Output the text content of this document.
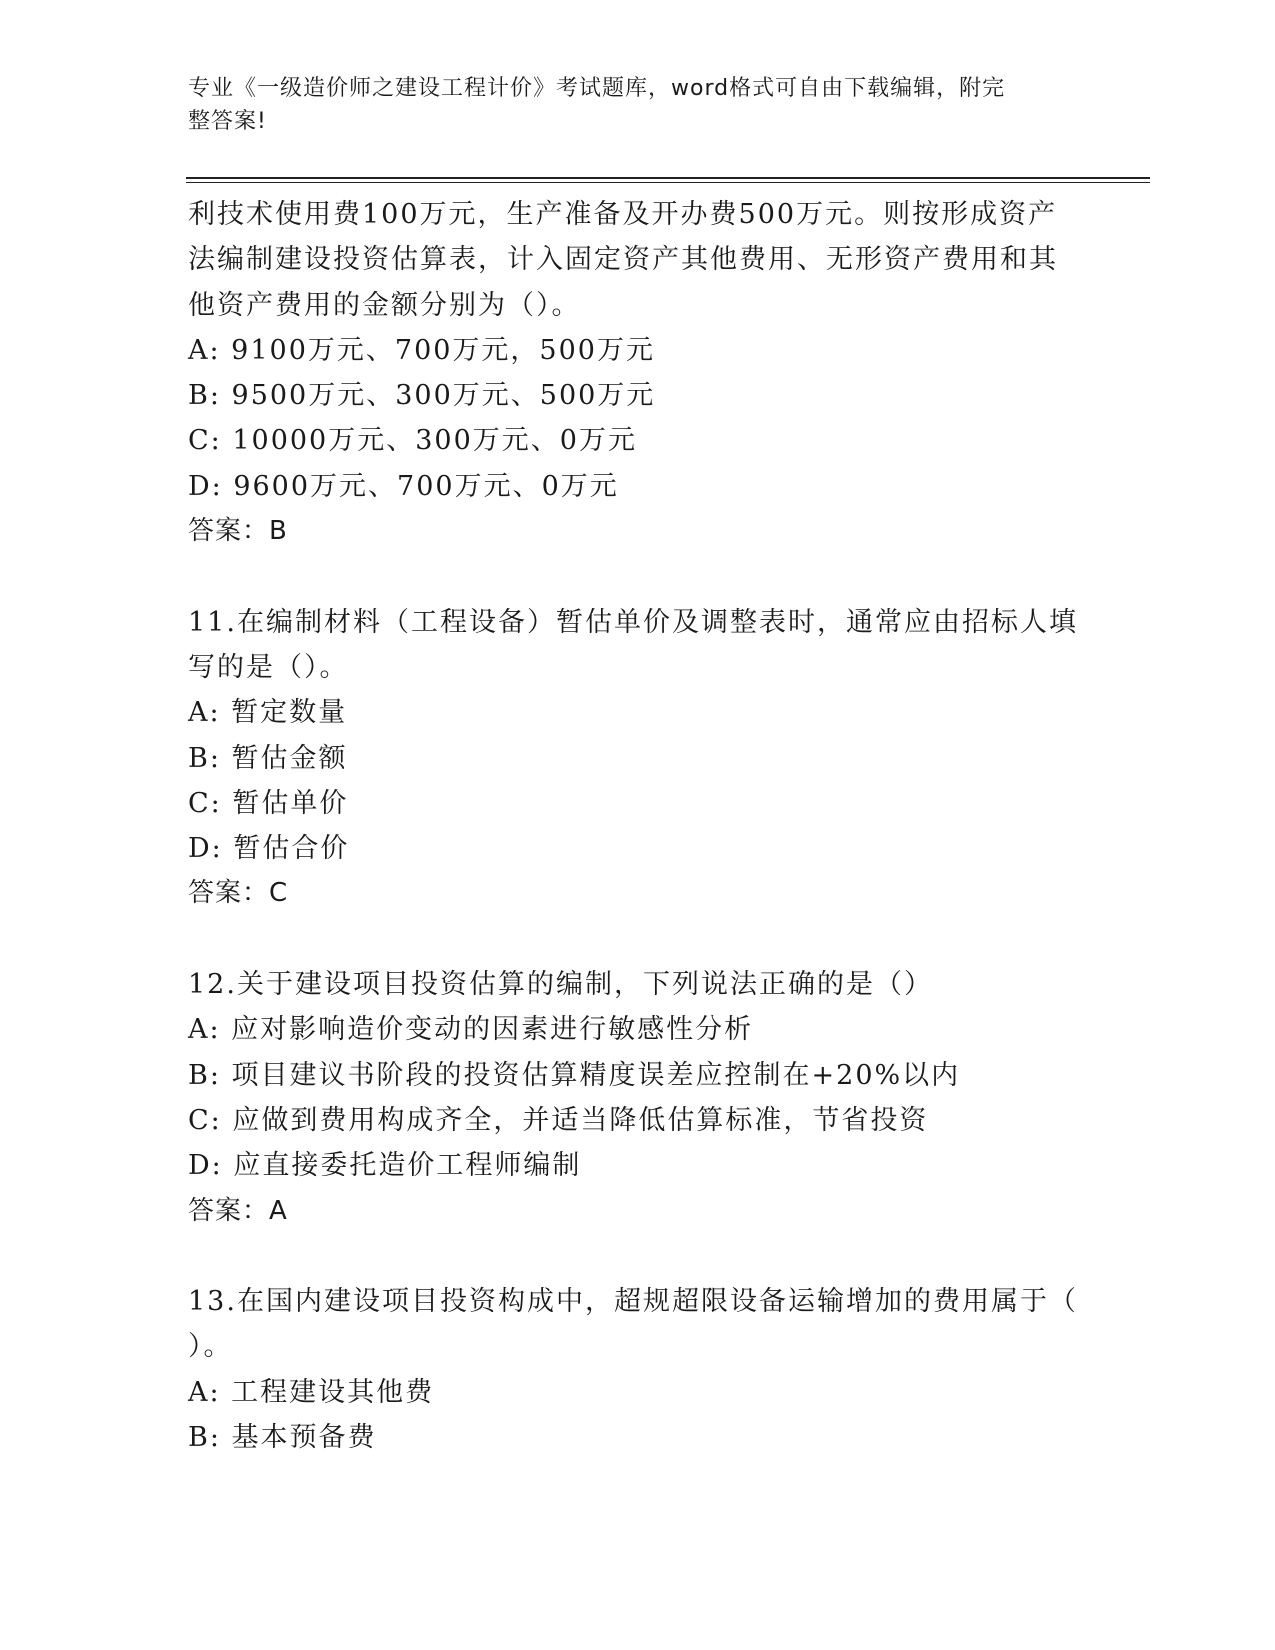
专业《一级造价师之建设工程计价》考试题库，word格式可自由下载编辑，附完
整答案!
利技术使用费100万元，生产准备及开办费500万元。则按形成资产
法编制建设投资估算表，计入固定资产其他费用、无形资产费用和其
他资产费用的金额分别为（）。
A: 9100万元、700万元，500万元
B: 9500万元、300万元、500万元
C: 10000万元、300万元、0万元
D: 9600万元、700万元、0万元
答案：B
11.在编制材料（工程设备）暂估单价及调整表时，通常应由招标人填
写的是（）。
A: 暂定数量
B: 暂估金额
C: 暂估单价
D: 暂估合价
答案：C
12.关于建设项目投资估算的编制，下列说法正确的是（）
A: 应对影响造价变动的因素进行敏感性分析
B: 项目建议书阶段的投资估算精度误差应控制在+20%以内
C: 应做到费用构成齐全，并适当降低估算标准，节省投资
D: 应直接委托造价工程师编制
答案：A
13.在国内建设项目投资构成中，超规超限设备运输增加的费用属于（
）。
A: 工程建设其他费
B: 基本预备费
